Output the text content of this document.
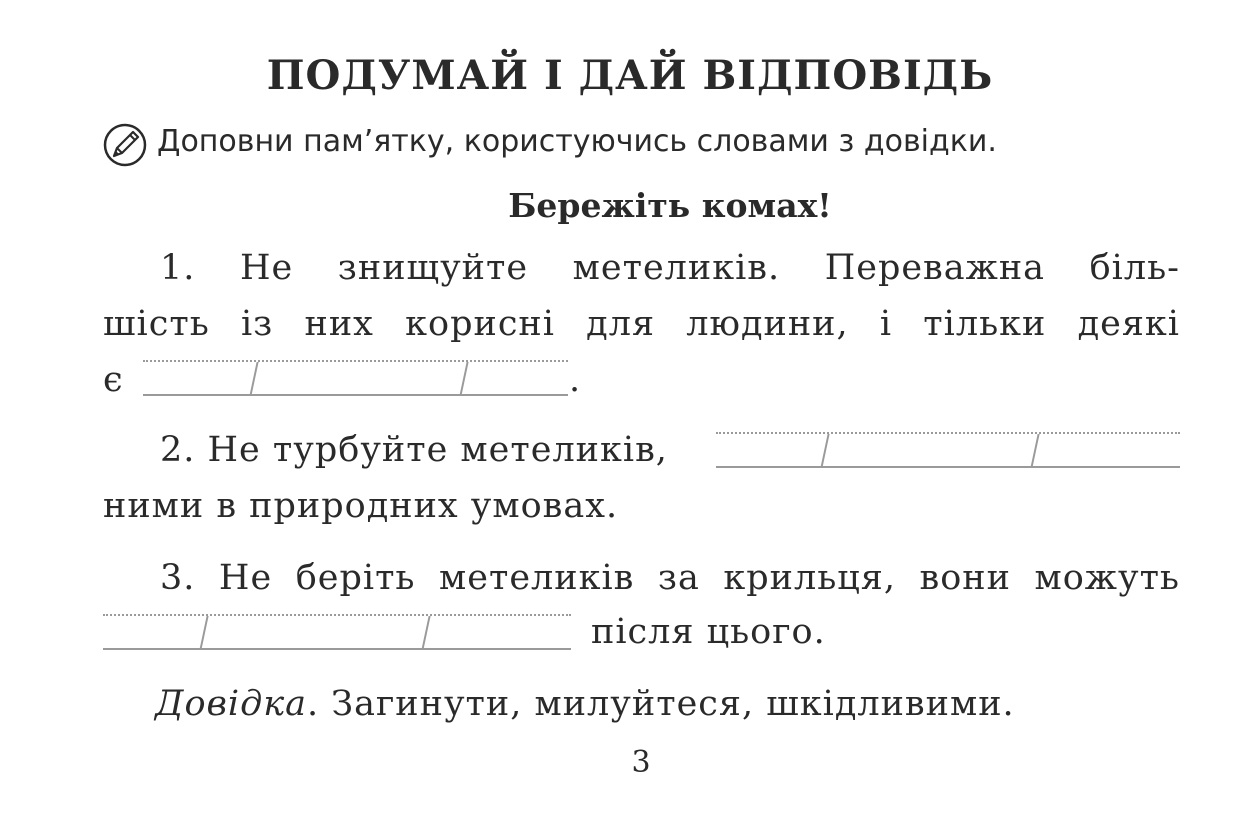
ПОДУМАЙ І ДАЙ ВІДПОВІДЬ
Доповни пам’ятку, користуючись словами з довідки.
Бережіть комах!
1. Не знищуйте метеликів. Переважна біль-
шість із них корисні для людини, і тільки деякі
є	.
2. Не турбуйте метеликів,
ними в природних умовах.
3. Не беріть метеликів за крильця, вони можуть
після цього.
Довідка. Загинути, милуйтеся, шкідливими.
3
